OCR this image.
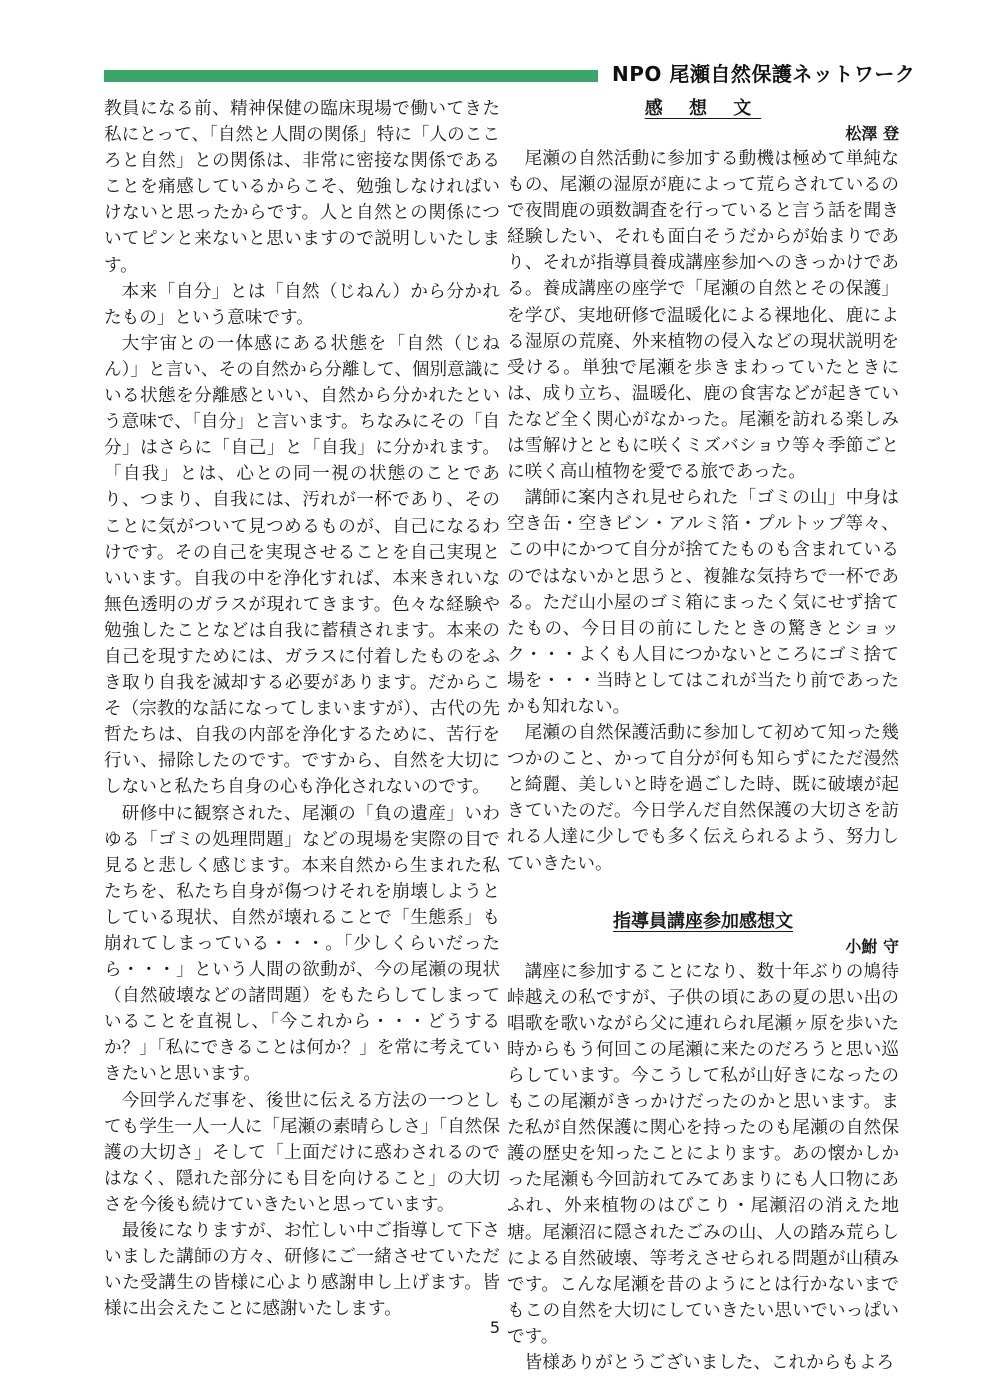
NPO 尾瀬自然保護ネットワーク

教員になる前、精神保健の臨床現場で働いてきた私にとって、「自然と人間の関係」特に「人のこころと自然」との関係は、非常に密接な関係であることを痛感しているからこそ、勉強しなければいけないと思ったからです。人と自然との関係についてピンと来ないと思いますので説明しいたします。

本来「自分」とは「自然（じねん）から分かれたもの」という意味です。

大宇宙との一体感にある状態を「自然（じねん）」と言い、その自然から分離して、個別意識にいる状態を分離感といい、自然から分かれたという意味で、「自分」と言います。ちなみにその「自分」はさらに「自己」と「自我」に分かれます。「自我」とは、心との同一視の状態のことであり、つまり、自我には、汚れが一杯であり、そのことに気がついて見つめるものが、自己になるわけです。その自己を実現させることを自己実現といいます。自我の中を浄化すれば、本来きれいな無色透明のガラスが現れてきます。色々な経験や勉強したことなどは自我に蓄積されます。本来の自己を現すためには、ガラスに付着したものをふき取り自我を滅却する必要があります。だからこそ（宗教的な話になってしまいますが）、古代の先哲たちは、自我の内部を浄化するために、苦行を行い、掃除したのです。ですから、自然を大切にしないと私たち自身の心も浄化されないのです。

研修中に観察された、尾瀬の「負の遺産」いわゆる「ゴミの処理問題」などの現場を実際の目で見ると悲しく感じます。本来自然から生まれた私たちを、私たち自身が傷つけそれを崩壊しようとしている現状、自然が壊れることで「生態系」も崩れてしまっている・・・。「少しくらいだったら・・・」という人間の欲動が、今の尾瀬の現状（自然破壊などの諸問題）をもたらしてしまっていることを直視し、「今これから・・・どうするか？」「私にできることは何か？」を常に考えていきたいと思います。

今回学んだ事を、後世に伝える方法の一つとしても学生一人一人に「尾瀬の素晴らしさ」「自然保護の大切さ」そして「上面だけに惑わされるのではなく、隠れた部分にも目を向けること」の大切さを今後も続けていきたいと思っています。

最後になりますが、お忙しい中ご指導して下さいました講師の方々、研修にご一緒させていただいた受講生の皆様に心より感謝申し上げます。皆様に出会えたことに感謝いたします。

感 想 文

松澤 登

尾瀬の自然活動に参加する動機は極めて単純なもの、尾瀬の湿原が鹿によって荒らされているので夜間鹿の頭数調査を行っていると言う話を聞き経験したい、それも面白そうだからが始まりであり、それが指導員養成講座参加へのきっかけである。養成講座の座学で「尾瀬の自然とその保護」を学び、実地研修で温暖化による裸地化、鹿による湿原の荒廃、外来植物の侵入などの現状説明を受ける。単独で尾瀬を歩きまわっていたときには、成り立ち、温暖化、鹿の食害などが起きていたなど全く関心がなかった。尾瀬を訪れる楽しみは雪解けとともに咲くミズバショウ等々季節ごとに咲く高山植物を愛でる旅であった。

講師に案内され見せられた「ゴミの山」中身は空き缶・空きビン・アルミ箔・プルトップ等々、この中にかつて自分が捨てたものも含まれているのではないかと思うと、複雑な気持ちで一杯である。ただ山小屋のゴミ箱にまったく気にせず捨てたもの、今日目の前にしたときの驚きとショック・・・よくも人目につかないところにゴミ捨て場を・・・当時としてはこれが当たり前であったかも知れない。

尾瀬の自然保護活動に参加して初めて知った幾つかのこと、かって自分が何も知らずにただ漫然と綺麗、美しいと時を過ごした時、既に破壊が起きていたのだ。今日学んだ自然保護の大切さを訪れる人達に少しでも多く伝えられるよう、努力していきたい。

指導員講座参加感想文

小鮒 守

講座に参加することになり、数十年ぶりの鳩待峠越えの私ですが、子供の頃にあの夏の思い出の唱歌を歌いながら父に連れられ尾瀬ヶ原を歩いた時からもう何回この尾瀬に来たのだろうと思い巡らしています。今こうして私が山好きになったのもこの尾瀬がきっかけだったのかと思います。また私が自然保護に関心を持ったのも尾瀬の自然保護の歴史を知ったことによります。あの懐かしかった尾瀬も今回訪れてみてあまりにも人口物にあふれ、外来植物のはびこり・尾瀬沼の消えた地塘。尾瀬沼に隠されたごみの山、人の踏み荒らしによる自然破壊、等考えさせられる問題が山積みです。こんな尾瀬を昔のようにとは行かないまでもこの自然を大切にしていきたい思いでいっぱいです。

皆様ありがとうございました、これからもよろ

5
